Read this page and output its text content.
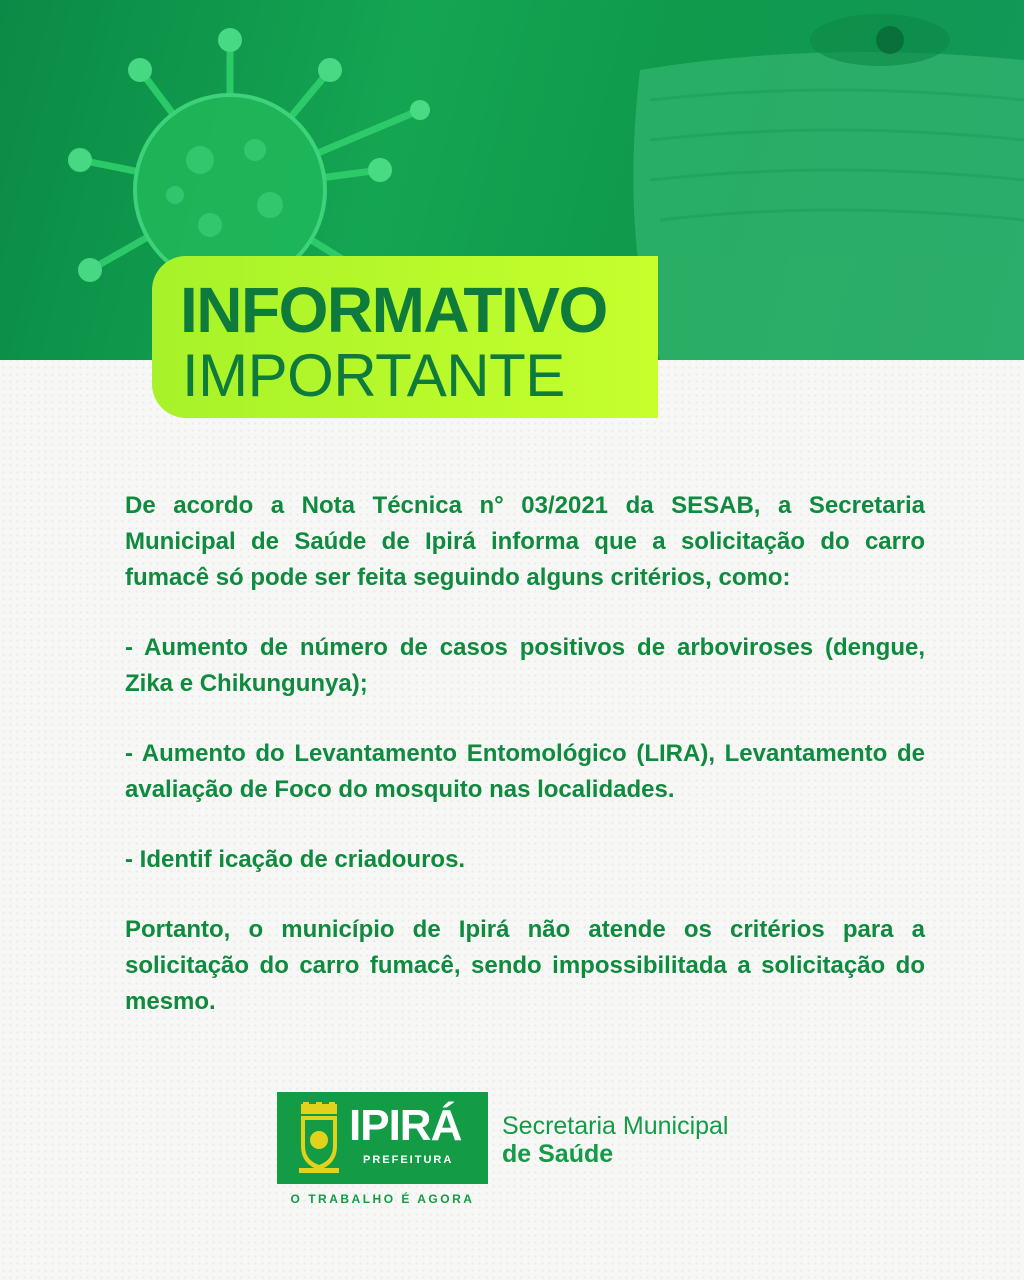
INFORMATIVO
IMPORTANTE

De acordo a Nota Técnica n° 03/2021 da SESAB, a Secretaria Municipal de Saúde de Ipirá informa que a solicitação do carro fumacê só pode ser feita seguindo alguns critérios, como:

- Aumento de número de casos positivos de arboviroses (dengue, Zika e Chikungunya);

- Aumento do Levantamento Entomológico (LIRA), Levantamento de avaliação de Foco do mosquito nas localidades.

- Identif icação de criadouros.

Portanto, o município de Ipirá não atende os critérios para a solicitação do carro fumacê, sendo impossibilitada a solicitação do mesmo.

IPIRÁ
PREFEITURA
O TRABALHO É AGORA
Secretaria Municipal
de Saúde
